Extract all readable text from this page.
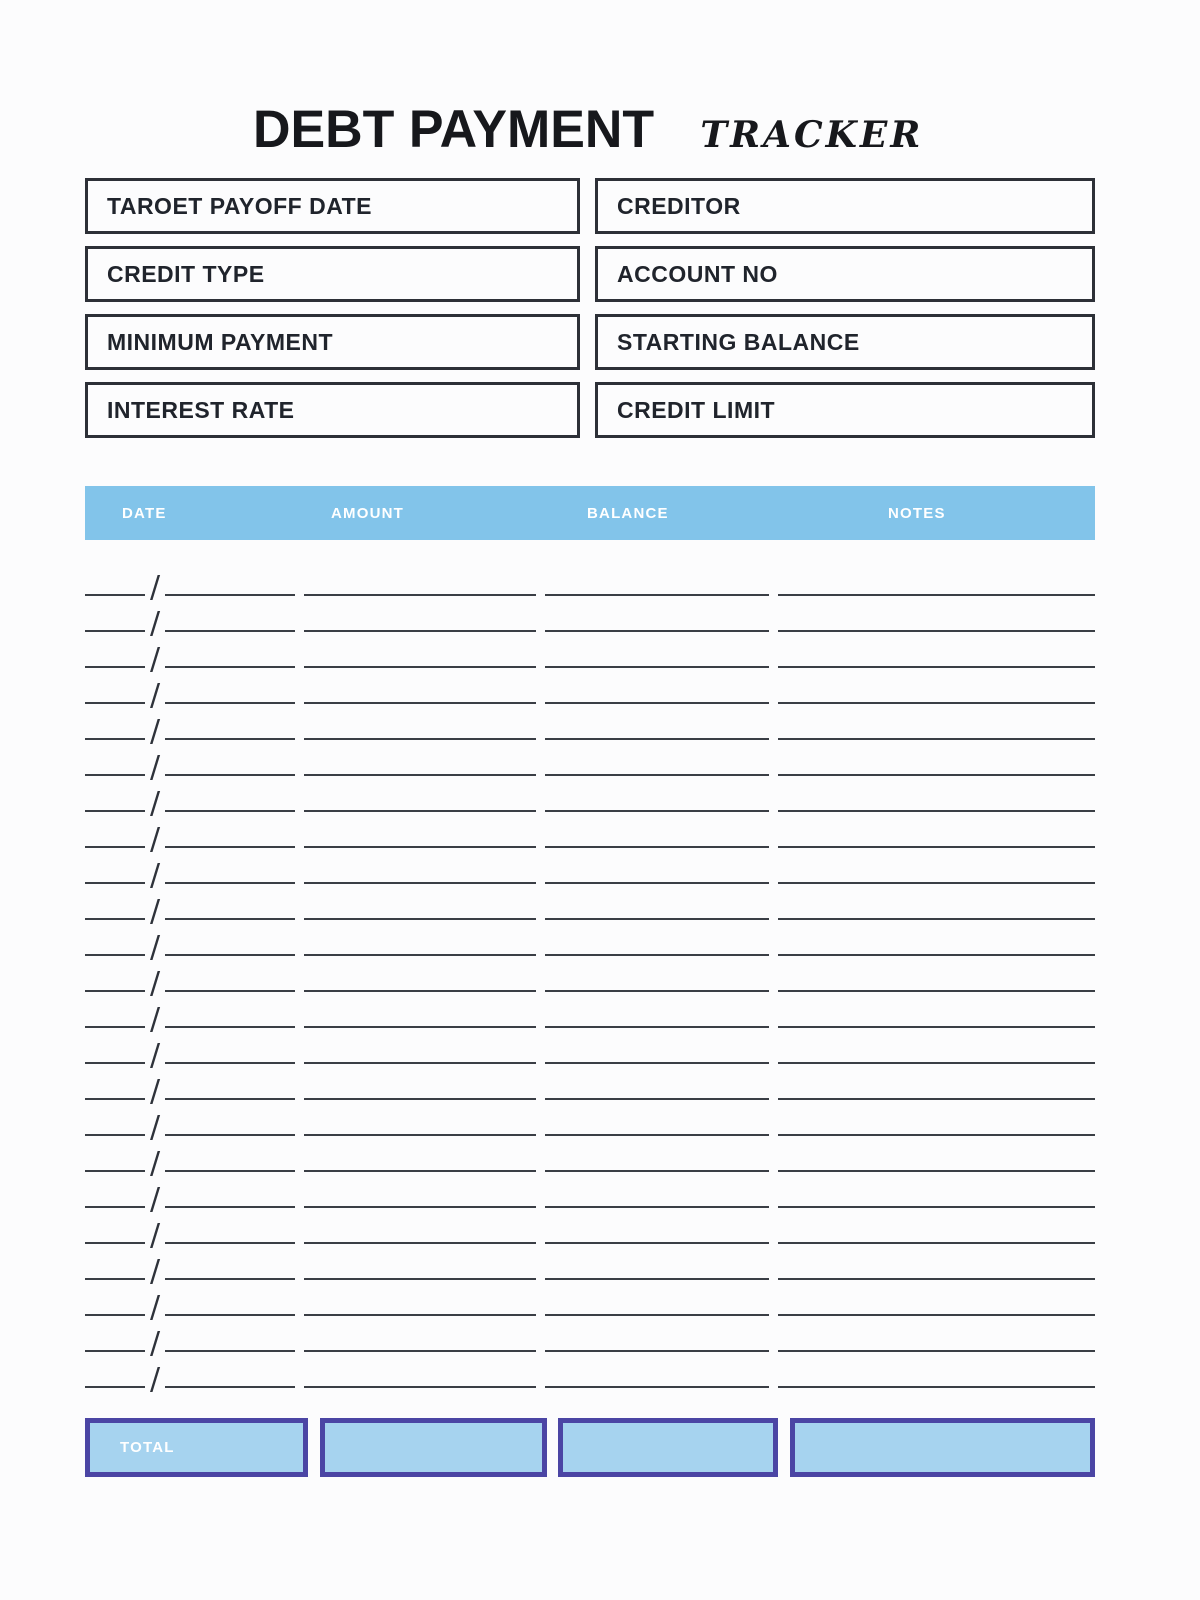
DEBT PAYMENT TRACKER
TAROET PAYOFF DATE	CREDITOR
CREDIT TYPE	ACCOUNT NO
MINIMUM PAYMENT	STARTING BALANCE
INTEREST RATE	CREDIT LIMIT
DATE	AMOUNT	BALANCE	NOTES
/
/
/
/
/
/
/
/
/
/
/
/
/
/
/
/
/
/
/
/
/
/
/
TOTAL
